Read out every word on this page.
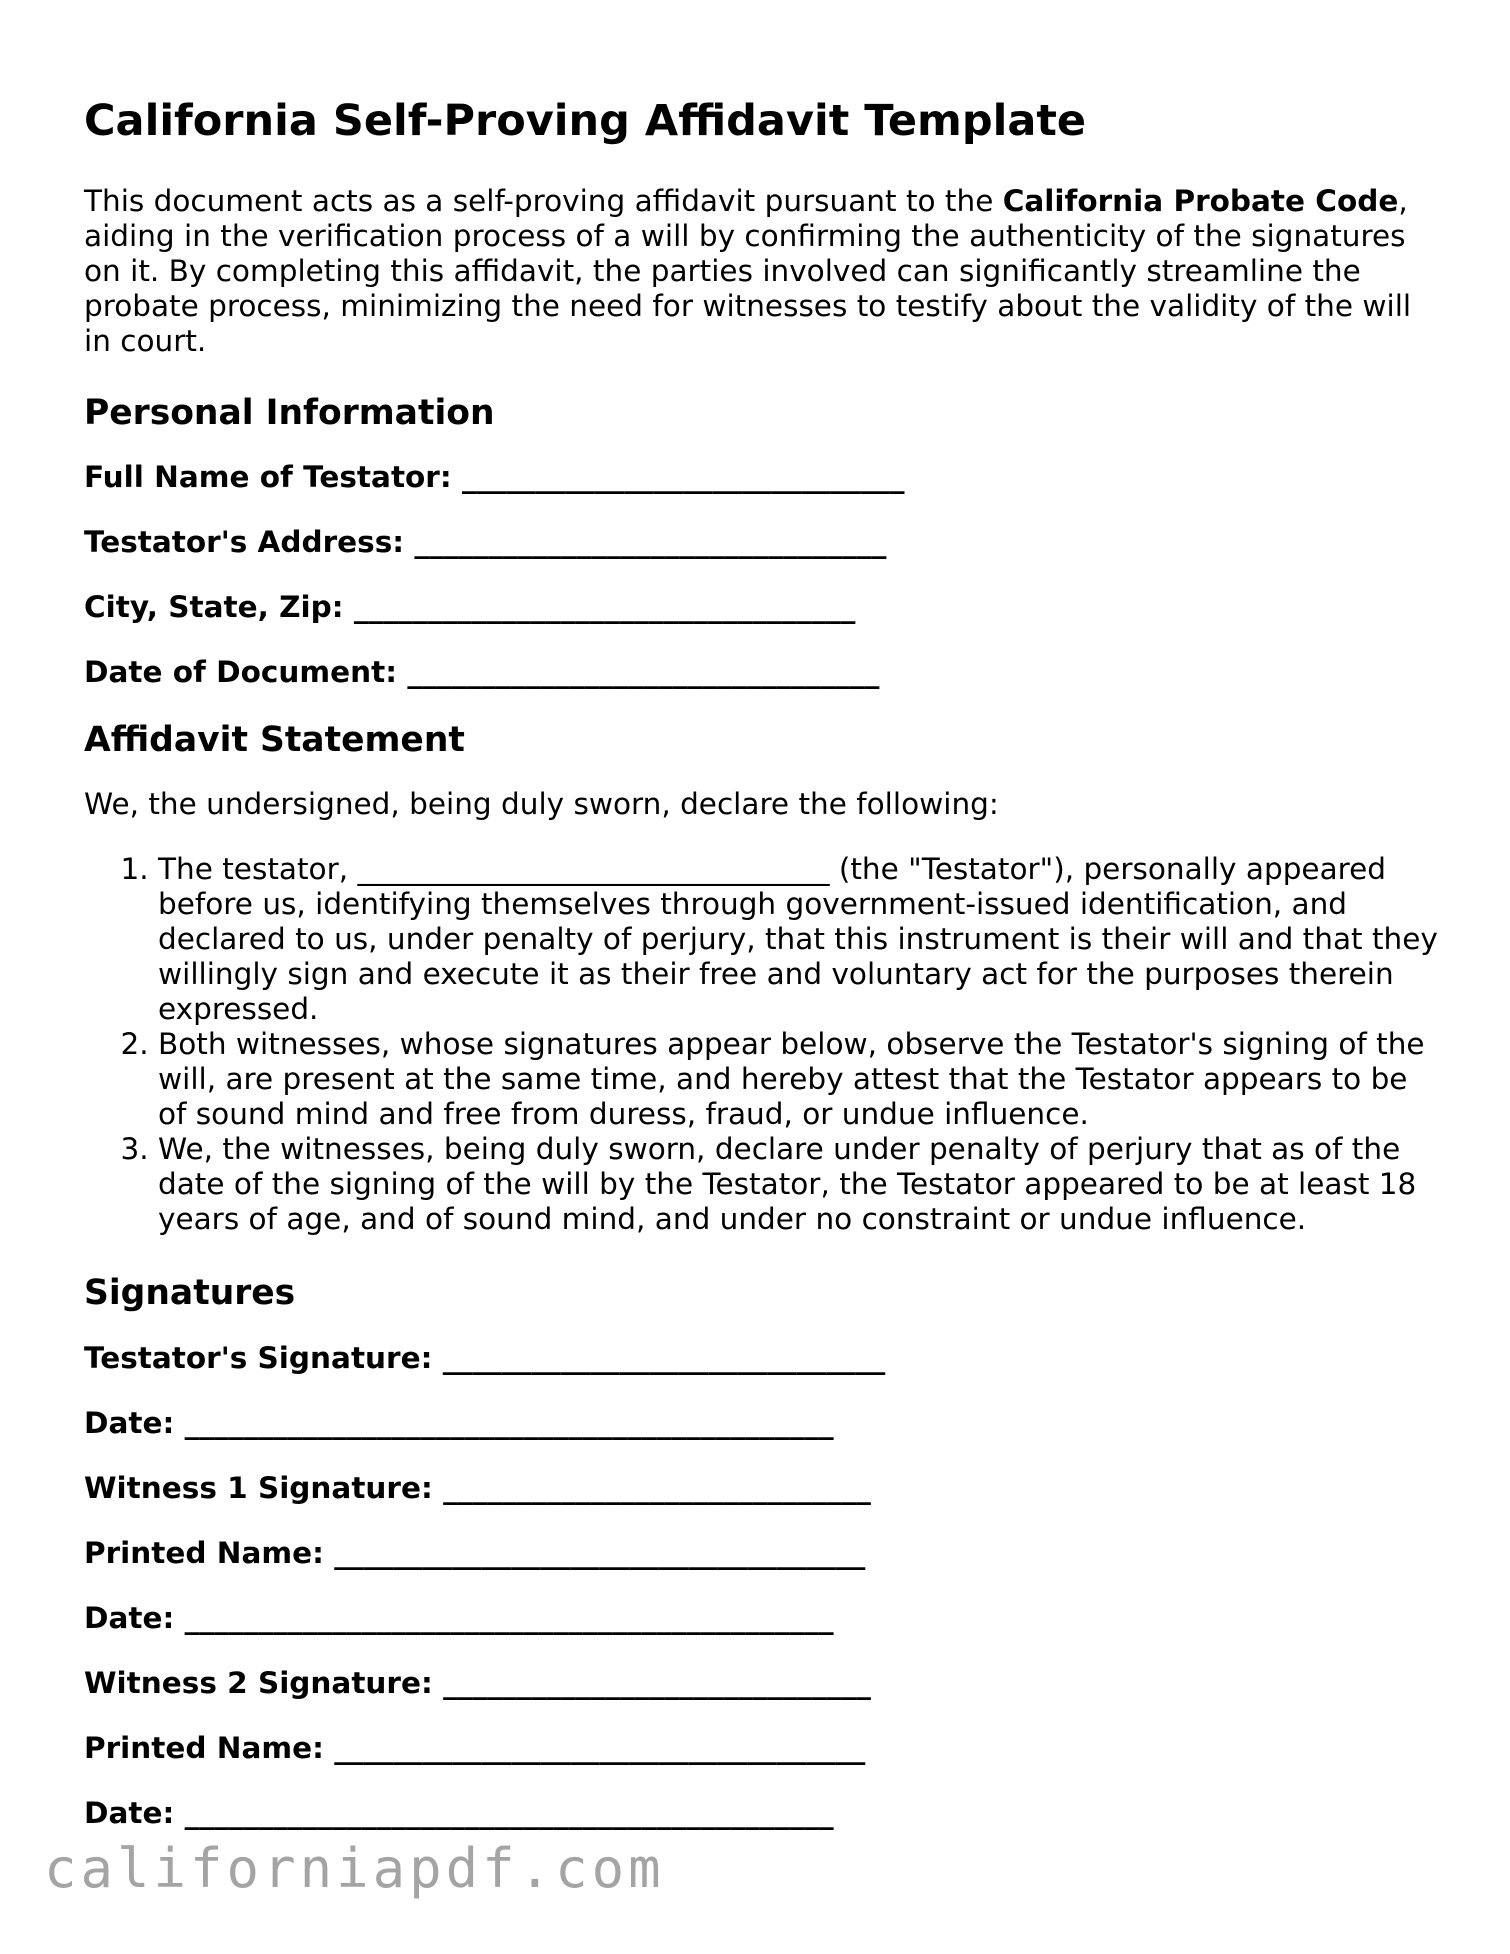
California Self-Proving Affidavit Template

This document acts as a self-proving affidavit pursuant to the California Probate Code, aiding in the verification process of a will by confirming the authenticity of the signatures on it. By completing this affidavit, the parties involved can significantly streamline the probate process, minimizing the need for witnesses to testify about the validity of the will in court.

Personal Information
Full Name of Testator: ______________________________
Testator's Address: ________________________________
City, State, Zip: __________________________________
Date of Document: ________________________________
Affidavit Statement

We, the undersigned, being duly sworn, declare the following:

1. The testator, ________________________________ (the "Testator"), personally appeared before us, identifying themselves through government-issued identification, and declared to us, under penalty of perjury, that this instrument is their will and that they willingly sign and execute it as their free and voluntary act for the purposes therein expressed.
2. Both witnesses, whose signatures appear below, observe the Testator's signing of the will, are present at the same time, and hereby attest that the Testator appears to be of sound mind and free from duress, fraud, or undue influence.
3. We, the witnesses, being duly sworn, declare under penalty of perjury that as of the date of the signing of the will by the Testator, the Testator appeared to be at least 18 years of age, and of sound mind, and under no constraint or undue influence.
Signatures
Testator's Signature: ______________________________
Date: ____________________________________________
Witness 1 Signature: _____________________________
Printed Name: ____________________________________
Date: ____________________________________________
Witness 2 Signature: _____________________________
Printed Name: ____________________________________
Date: ____________________________________________
californiapdf.com
